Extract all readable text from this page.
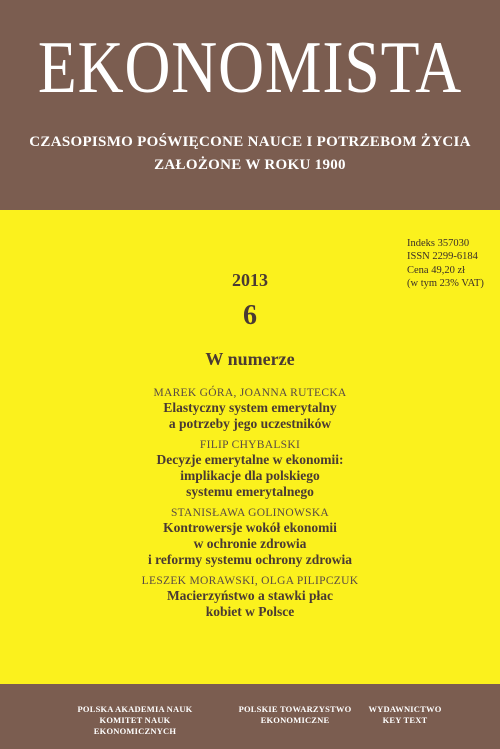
EKONOMISTA
CZASOPISMO POŚWIĘCONE NAUCE I POTRZEBOM ŻYCIA
ZAŁOŻONE W ROKU 1900
Indeks 357030
ISSN 2299-6184
Cena 49,20 zł
(w tym 23% VAT)
2013
6
W numerze
MAREK GÓRA, JOANNA RUTECKA
Elastyczny system emerytalny
a potrzeby jego uczestników
FILIP CHYBALSKI
Decyzje emerytalne w ekonomii:
implikacje dla polskiego
systemu emerytalnego
STANISŁAWA GOLINOWSKA
Kontrowersje wokół ekonomii
w ochronie zdrowia
i reformy systemu ochrony zdrowia
LESZEK MORAWSKI, OLGA PILIPCZUK
Macierzyństwo a stawki płac
kobiet w Polsce
POLSKA AKADEMIA NAUK
KOMITET NAUK EKONOMICZNYCH
POLSKIE TOWARZYSTWO
EKONOMICZNE
WYDAWNICTWO
KEY TEXT
